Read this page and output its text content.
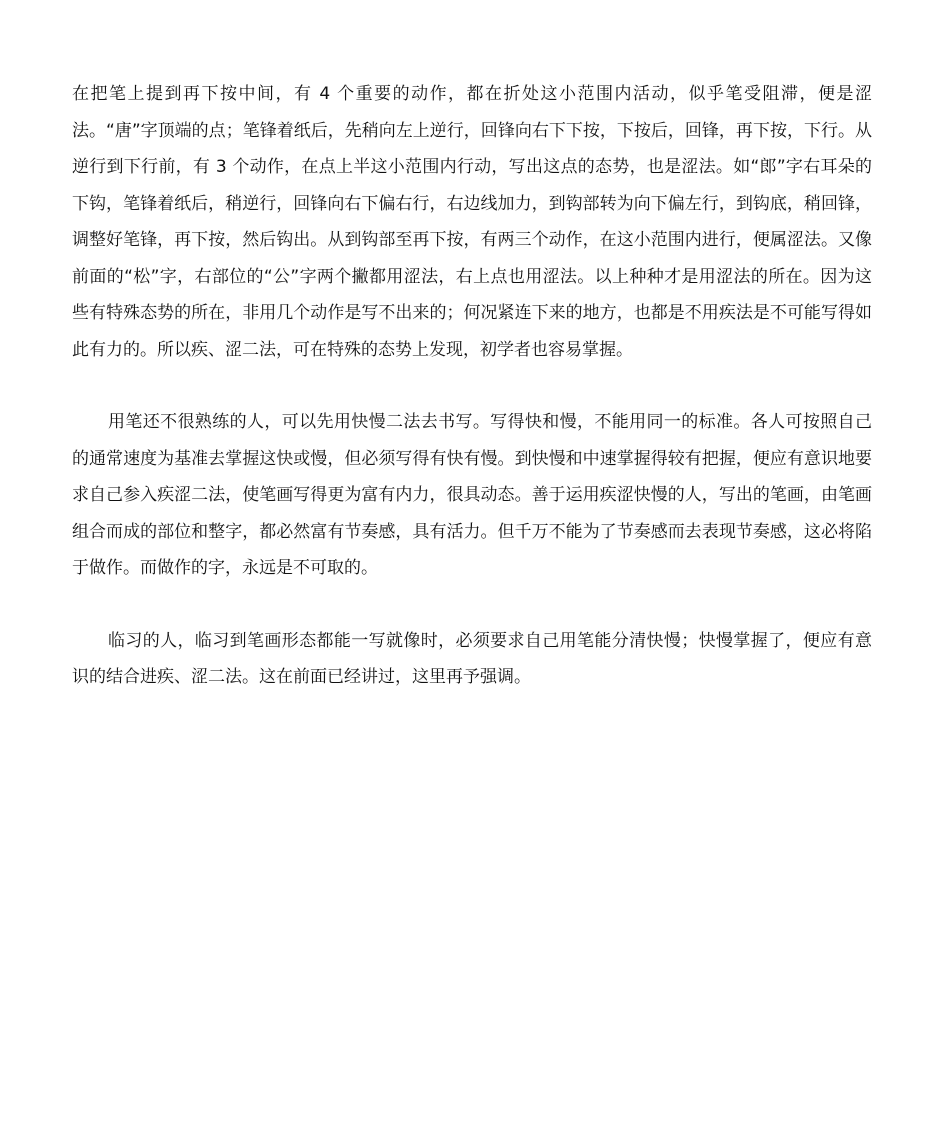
在把笔上提到再下按中间，有 4 个重要的动作，都在折处这小范围内活动，似乎笔受阻滞，便是涩法。“唐”字顶端的点；笔锋着纸后，先稍向左上逆行，回锋向右下下按，下按后，回锋，再下按，下行。从逆行到下行前，有 3 个动作，在点上半这小范围内行动，写出这点的态势，也是涩法。如“郎”字右耳朵的下钩，笔锋着纸后，稍逆行，回锋向右下偏右行，右边线加力，到钩部转为向下偏左行，到钩底，稍回锋，调整好笔锋，再下按，然后钩出。从到钩部至再下按，有两三个动作，在这小范围内进行，便属涩法。又像前面的“松”字，右部位的“公”字两个撇都用涩法，右上点也用涩法。以上种种才是用涩法的所在。因为这些有特殊态势的所在，非用几个动作是写不出来的；何况紧连下来的地方，也都是不用疾法是不可能写得如此有力的。所以疾、涩二法，可在特殊的态势上发现，初学者也容易掌握。

用笔还不很熟练的人，可以先用快慢二法去书写。写得快和慢，不能用同一的标准。各人可按照自己的通常速度为基准去掌握这快或慢，但必须写得有快有慢。到快慢和中速掌握得较有把握，便应有意识地要求自己参入疾涩二法，使笔画写得更为富有内力，很具动态。善于运用疾涩快慢的人，写出的笔画，由笔画组合而成的部位和整字，都必然富有节奏感，具有活力。但千万不能为了节奏感而去表现节奏感，这必将陷于做作。而做作的字，永远是不可取的。

临习的人，临习到笔画形态都能一写就像时，必须要求自己用笔能分清快慢；快慢掌握了，便应有意识的结合进疾、涩二法。这在前面已经讲过，这里再予强调。
